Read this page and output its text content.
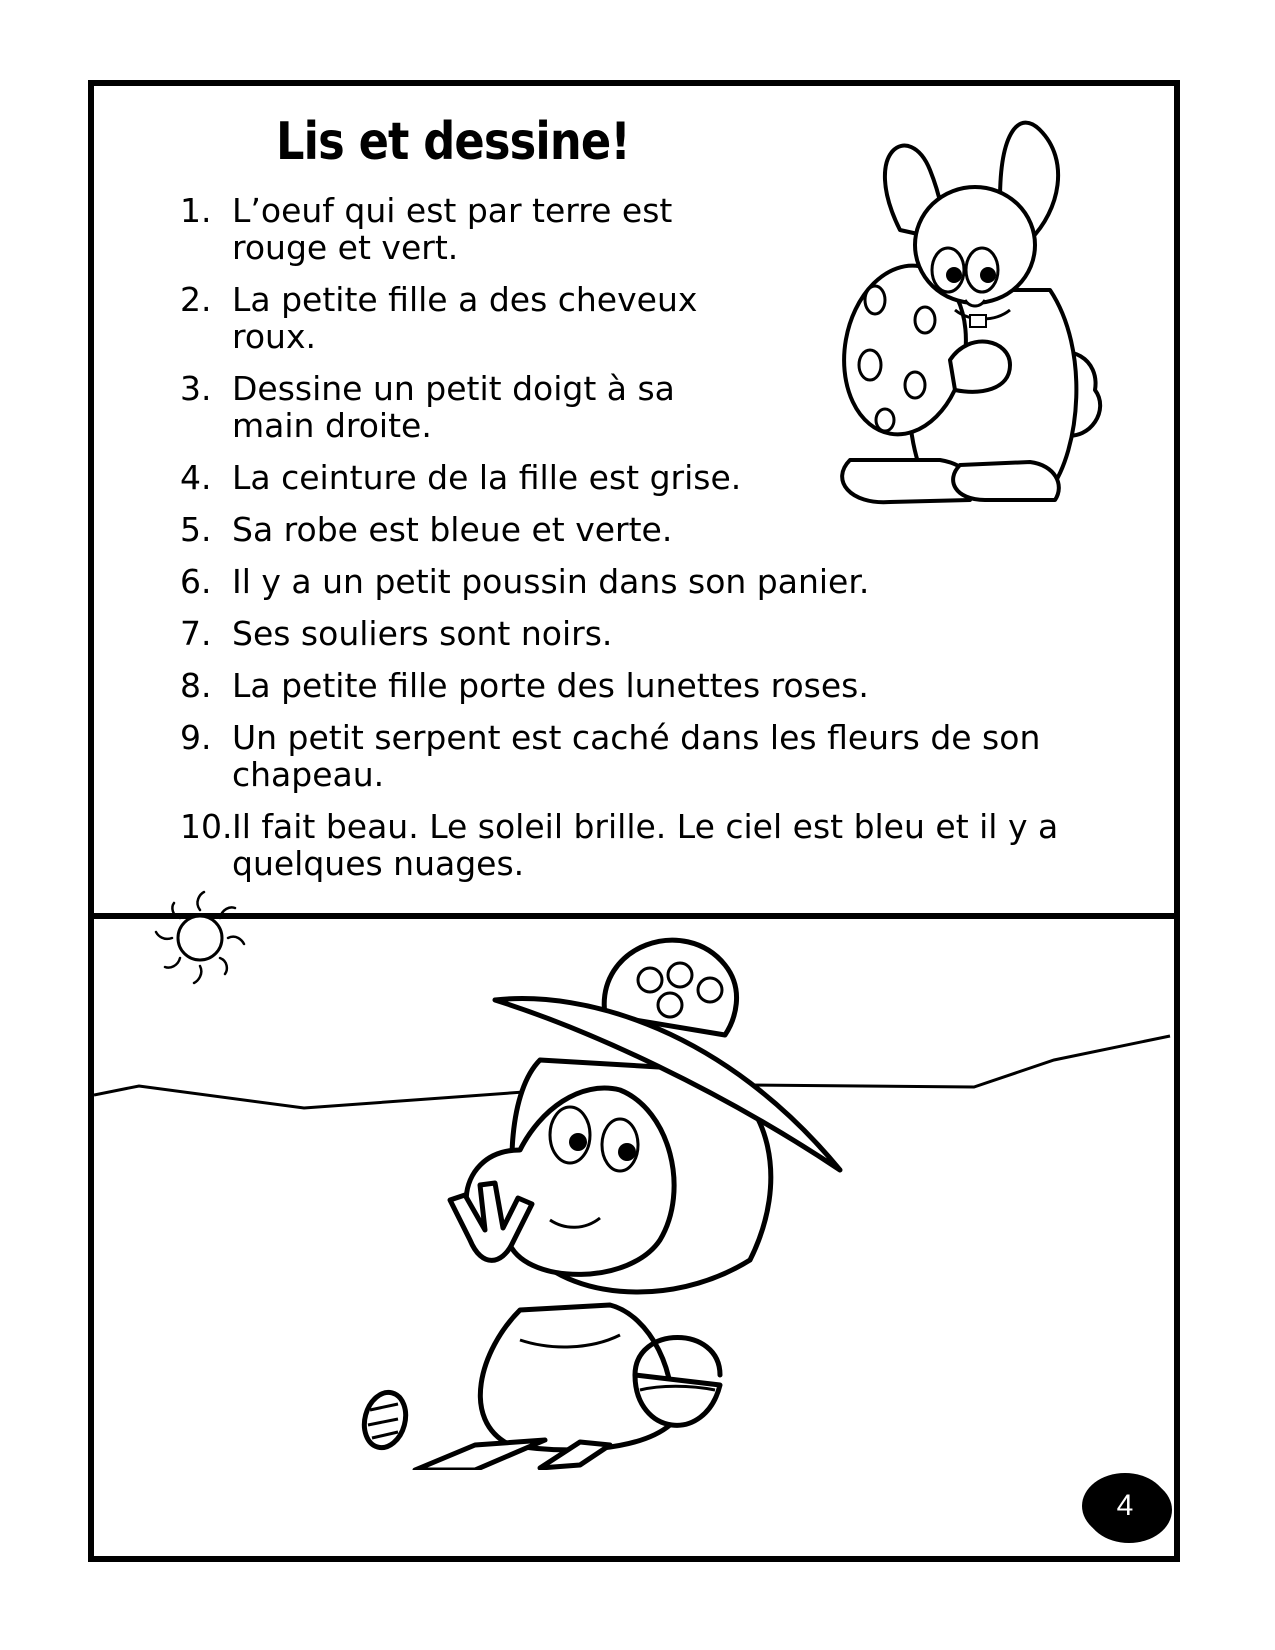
Lis et dessine!
1. L’oeuf qui est par terre est rouge et vert.
2. La petite fille a des cheveux roux.
3. Dessine un petit doigt à sa main droite.
4. La ceinture de la fille est grise.
5. Sa robe est bleue et verte.
6. Il y a un petit poussin dans son panier.
7. Ses souliers sont noirs.
8. La petite fille porte des lunettes roses.
9. Un petit serpent est caché dans les fleurs de son chapeau.
10. Il fait beau. Le soleil brille. Le ciel est bleu et il y a quelques nuages.
4
